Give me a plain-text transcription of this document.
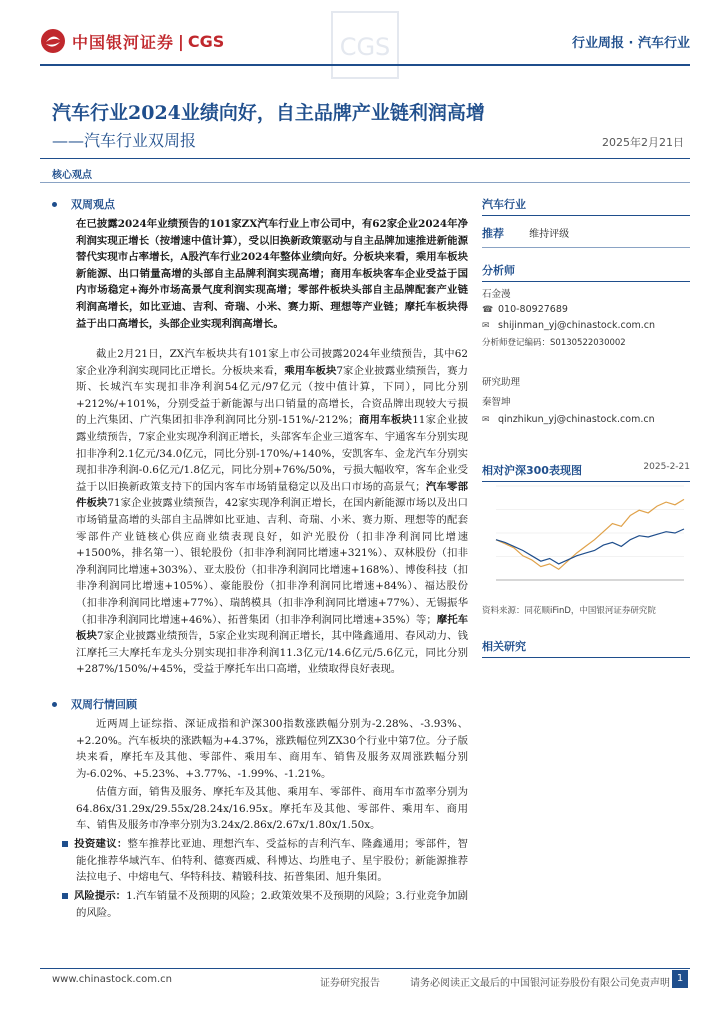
中国银河证券 | CGS	CGS	行业周报 · 汽车行业
汽车行业2024业绩向好，自主品牌产业链利润高增
——汽车行业双周报	2025年2月21日
核心观点
双周观点
在已披露2024年业绩预告的101家ZX汽车行业上市公司中，有62家企业2024年净利润实现正增长（按增速中值计算），受以旧换新政策驱动与自主品牌加速推进新能源替代实现市占率增长，A股汽车行业2024年整体业绩向好。分板块来看，乘用车板块新能源、出口销量高增的头部自主品牌利润实现高增；商用车板块客车企业受益于国内市场稳定+海外市场高景气度利润实现高增；零部件板块头部自主品牌配套产业链利润高增长，如比亚迪、吉利、奇瑞、小米、赛力斯、理想等产业链；摩托车板块得益于出口高增长，头部企业实现利润高增长。
截止2月21日，ZX汽车板块共有101家上市公司披露2024年业绩预告，其中62家企业净利润实现同比正增长。分板块来看，乘用车板块7家企业披露业绩预告，赛力斯、长城汽车实现扣非净利润54亿元/97亿元（按中值计算，下同），同比分别+212%/+101%，分别受益于新能源与出口销量的高增长，合资品牌出现较大亏损的上汽集团、广汽集团扣非净利润同比分别-151%/-212%；商用车板块11家企业披露业绩预告，7家企业实现净利润正增长，头部客车企业三道客车、宇通客车分别实现扣非净利2.1亿元/34.0亿元，同比分别-170%/+140%，安凯客车、金龙汽车分别实现扣非净利润-0.6亿元/1.8亿元，同比分别+76%/50%，亏损大幅收窄，客车企业受益于以旧换新政策支持下的国内客车市场销量稳定以及出口市场的高景气；汽车零部件板块71家企业披露业绩预告，42家实现净利润正增长，在国内新能源市场以及出口市场销量高增的头部自主品牌如比亚迪、吉利、奇瑞、小米、赛力斯、理想等的配套零部件产业链核心供应商业绩表现良好，如沪光股份（扣非净利润同比增速+1500%，排名第一）、银轮股份（扣非净利润同比增速+321%）、双林股份（扣非净利润同比增速+303%）、亚太股份（扣非净利润同比增速+168%）、博俊科技（扣非净利润同比增速+105%）、豪能股份（扣非净利润同比增速+84%）、福达股份（扣非净利润同比增速+77%）、瑞鹄模具（扣非净利润同比增速+77%）、无锡振华（扣非净利润同比增速+46%）、拓普集团（扣非净利润同比增速+35%）等；摩托车板块7家企业披露业绩预告，5家企业实现利润正增长，其中隆鑫通用、春风动力、钱江摩托三大摩托车龙头分别实现扣非净利润11.3亿元/14.6亿元/5.6亿元，同比分别+287%/150%/+45%，受益于摩托车出口高增，业绩取得良好表现。
双周行情回顾
近两周上证综指、深证成指和沪深300指数涨跌幅分别为-2.28%、-3.93%、+2.20%。汽车板块的涨跌幅为+4.37%，涨跌幅位列ZX30个行业中第7位。分子版块来看，摩托车及其他、零部件、乘用车、商用车、销售及服务双周涨跌幅分别为-6.02%、+5.23%、+3.77%、-1.99%、-1.21%。
估值方面，销售及服务、摩托车及其他、乘用车、零部件、商用车市盈率分别为64.86x/31.29x/29.55x/28.24x/16.95x。摩托车及其他、零部件、乘用车、商用车、销售及服务市净率分别为3.24x/2.86x/2.67x/1.80x/1.50x。
投资建议：整车推荐比亚迪、理想汽车、受益标的吉利汽车、隆鑫通用；零部件，智能化推荐华域汽车、伯特利、德赛西威、科博达、均胜电子、星宇股份；新能源推荐法拉电子、中熔电气、华特科技、精锻科技、拓普集团、旭升集团。
风险提示：1.汽车销量不及预期的风险；2.政策效果不及预期的风险；3.行业竞争加剧的风险。
汽车行业
推荐	维持评级
分析师
石金漫
☎ 010-80927689
✉ shijinman_yj@chinastock.com.cn
分析师登记编码：S0130522030002
研究助理
秦智坤
✉ qinzhikun_yj@chinastock.com.cn
相对沪深300表现图	2025-2-21
资料来源：同花顺iFinD，中国银河证券研究院
相关研究
www.chinastock.com.cn	证券研究报告	请务必阅读正文最后的中国银河证券股份有限公司免责声明 1
